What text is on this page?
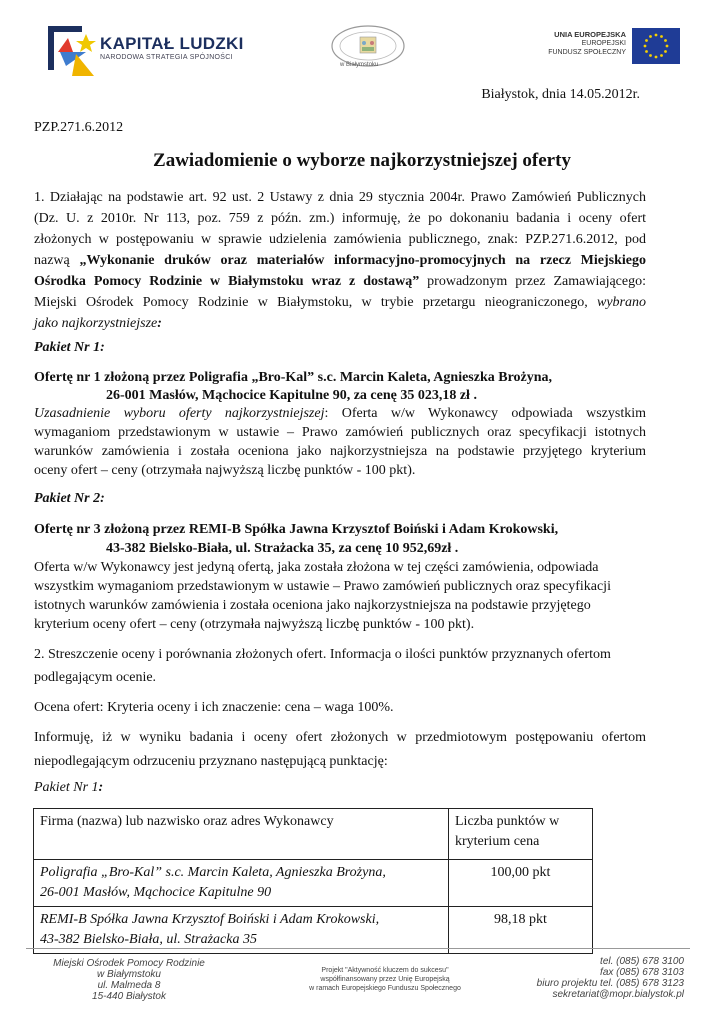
KAPITAŁ LUDZKI
NARODOWA STRATEGIA SPÓJNOŚCI
w Białymstoku
UNIA EUROPEJSKA
EUROPEJSKI
FUNDUSZ SPOŁECZNY
Białystok, dnia 14.05.2012r.
PZP.271.6.2012
Zawiadomienie o wyborze najkorzystniejszej oferty
1. Działając na podstawie art. 92 ust. 2 Ustawy z dnia 29 stycznia 2004r. Prawo Zamówień Publicznych
(Dz. U. z 2010r. Nr 113, poz. 759 z późn. zm.) informuję, że po dokonaniu badania i oceny ofert
złożonych w postępowaniu w sprawie udzielenia zamówienia publicznego, znak: PZP.271.6.2012, pod
nazwą „Wykonanie druków oraz materiałów informacyjno-promocyjnych na rzecz Miejskiego
Ośrodka Pomocy Rodzinie w Białymstoku wraz z dostawą” prowadzonym przez Zamawiającego:
Miejski Ośrodek Pomocy Rodzinie w Białymstoku, w trybie przetargu nieograniczonego, wybrano
jako najkorzystniejsze:
Pakiet Nr 1:
Ofertę nr 1 złożoną przez Poligrafia „Bro-Kal” s.c. Marcin Kaleta, Agnieszka Brożyna,
26-001 Masłów, Mąchocice Kapitulne 90, za cenę 35 023,18 zł .
Uzasadnienie wyboru oferty najkorzystniejszej: Oferta w/w Wykonawcy odpowiada wszystkim
wymaganiom przedstawionym w ustawie – Prawo zamówień publicznych oraz specyfikacji istotnych
warunków zamówienia i została oceniona jako najkorzystniejsza na podstawie przyjętego kryterium
oceny ofert – ceny (otrzymała najwyższą liczbę punktów - 100 pkt).
Pakiet Nr 2:
Ofertę nr 3 złożoną przez REMI-B Spółka Jawna Krzysztof Boiński i Adam Krokowski,
43-382 Bielsko-Biała, ul. Strażacka 35, za cenę 10 952,69zł .
Oferta w/w Wykonawcy jest jedyną ofertą, jaka została złożona w tej części zamówienia, odpowiada
wszystkim wymaganiom przedstawionym w ustawie – Prawo zamówień publicznych oraz specyfikacji
istotnych warunków zamówienia i została oceniona jako najkorzystniejsza na podstawie przyjętego
kryterium oceny ofert – ceny (otrzymała najwyższą liczbę punktów - 100 pkt).
2. Streszczenie oceny i porównania złożonych ofert. Informacja o ilości punktów przyznanych ofertom
podlegającym ocenie.
Ocena ofert: Kryteria oceny i ich znaczenie: cena – waga 100%.
Informuję, iż w wyniku badania i oceny ofert złożonych w przedmiotowym postępowaniu ofertom
niepodlegającym odrzuceniu przyznano następującą punktację:
Pakiet Nr 1:
Firma (nazwa) lub nazwisko oraz adres Wykonawcy	Liczba punktów w
kryterium cena

Poligrafia „Bro-Kal” s.c. Marcin Kaleta, Agnieszka Brożyna,
26-001 Masłów, Mąchocice Kapitulne 90	100,00 pkt

REMI-B Spółka Jawna Krzysztof Boiński i Adam Krokowski,
43-382 Bielsko-Biała, ul. Strażacka 35	98,18 pkt
Miejski Ośrodek Pomocy Rodzinie
w Białymstoku
ul. Malmeda 8
15-440 Białystok
Projekt "Aktywność kluczem do sukcesu"
współfinansowany przez Unię Europejską
w ramach Europejskiego Funduszu Społecznego
tel. (085) 678 3100
fax (085) 678 3103
biuro projektu tel. (085) 678 3123
sekretariat@mopr.bialystok.pl
